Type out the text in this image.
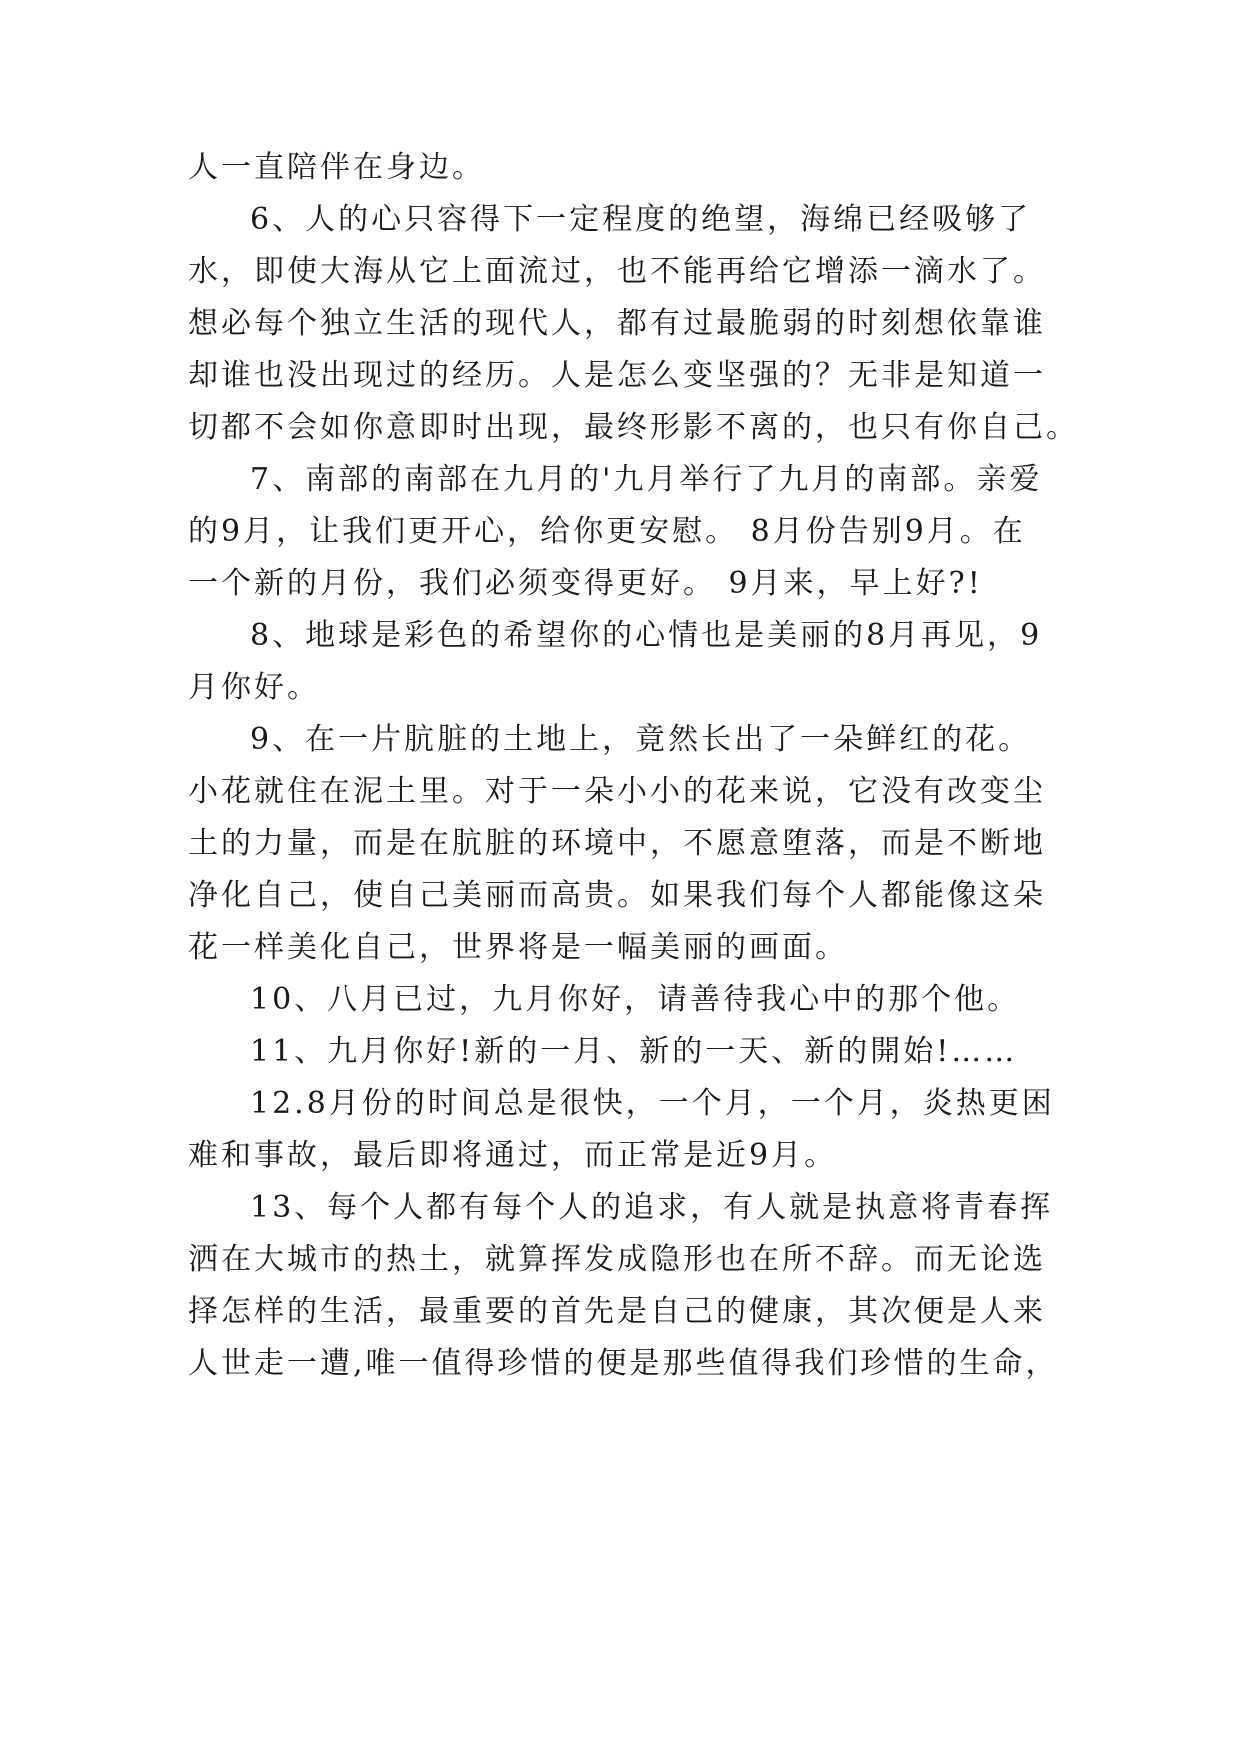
人一直陪伴在身边。
6、人的心只容得下一定程度的绝望，海绵已经吸够了
水，即使大海从它上面流过，也不能再给它增添一滴水了。
想必每个独立生活的现代人，都有过最脆弱的时刻想依靠谁
却谁也没出现过的经历。人是怎么变坚强的？无非是知道一
切都不会如你意即时出现，最终形影不离的，也只有你自己。
7、南部的南部在九月的'九月举行了九月的南部。亲爱
的9月，让我们更开心，给你更安慰。 8月份告别9月。在
一个新的月份，我们必须变得更好。 9月来，早上好?!
8、地球是彩色的希望你的心情也是美丽的8月再见，9
月你好。
9、在一片肮脏的土地上，竟然长出了一朵鲜红的花。
小花就住在泥土里。对于一朵小小的花来说，它没有改变尘
土的力量，而是在肮脏的环境中，不愿意堕落，而是不断地
净化自己，使自己美丽而高贵。如果我们每个人都能像这朵
花一样美化自己，世界将是一幅美丽的画面。
10、八月已过，九月你好，请善待我心中的那个他。
11、九月你好!新的一月、新的一天、新的開始!……
12.8月份的时间总是很快，一个月，一个月，炎热更困
难和事故，最后即将通过，而正常是近9月。
13、每个人都有每个人的追求，有人就是执意将青春挥
洒在大城市的热土，就算挥发成隐形也在所不辞。而无论选
择怎样的生活，最重要的首先是自己的健康，其次便是人来
人世走一遭,唯一值得珍惜的便是那些值得我们珍惜的生命，
